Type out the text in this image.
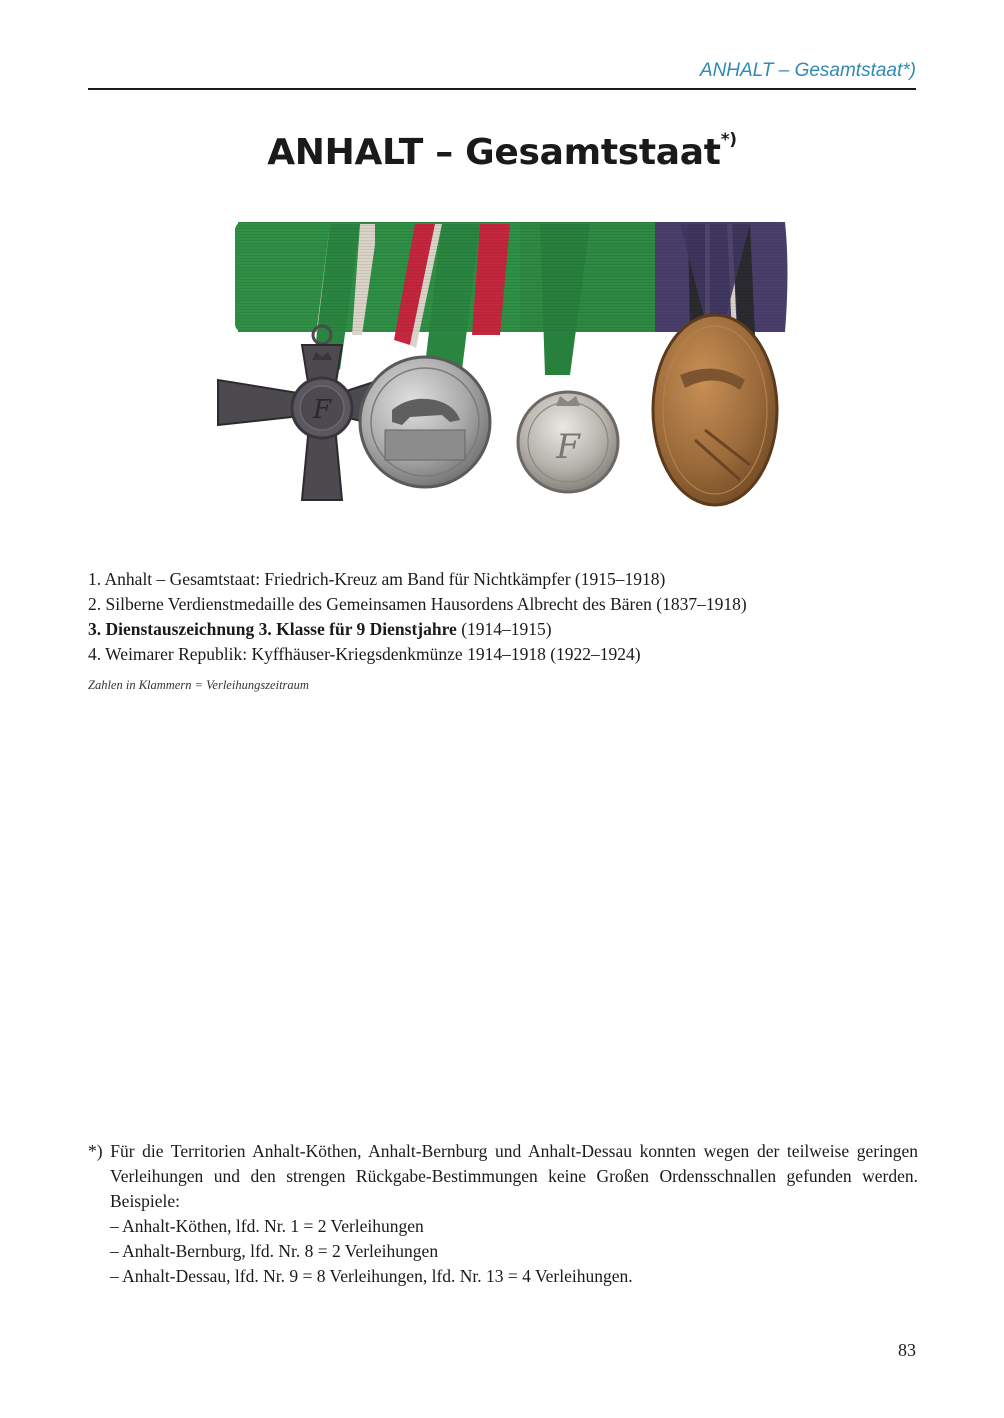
ANHALT – Gesamtstaat*)
ANHALT – Gesamtstaat*)
F
F
1. Anhalt – Gesamtstaat: Friedrich-Kreuz am Band für Nichtkämpfer (1915–1918)
2. Silberne Verdienstmedaille des Gemeinsamen Hausordens Albrecht des Bären (1837–1918)
3. Dienstauszeichnung 3. Klasse für 9 Dienstjahre (1914–1915)
4. Weimarer Republik: Kyffhäuser-Kriegsdenkmünze 1914–1918 (1922–1924)
Zahlen in Klammern = Verleihungszeitraum
*) Für die Territorien Anhalt-Köthen, Anhalt-Bernburg und Anhalt-Dessau konnten wegen der teilweise geringen Verleihungen und den strengen Rückgabe-Bestimmungen keine Großen Ordensschnallen gefunden werden. Beispiele:
– Anhalt-Köthen, lfd. Nr. 1 = 2 Verleihungen
– Anhalt-Bernburg, lfd. Nr. 8 = 2 Verleihungen
– Anhalt-Dessau, lfd. Nr. 9 = 8 Verleihungen, lfd. Nr. 13 = 4 Verleihungen.
83
